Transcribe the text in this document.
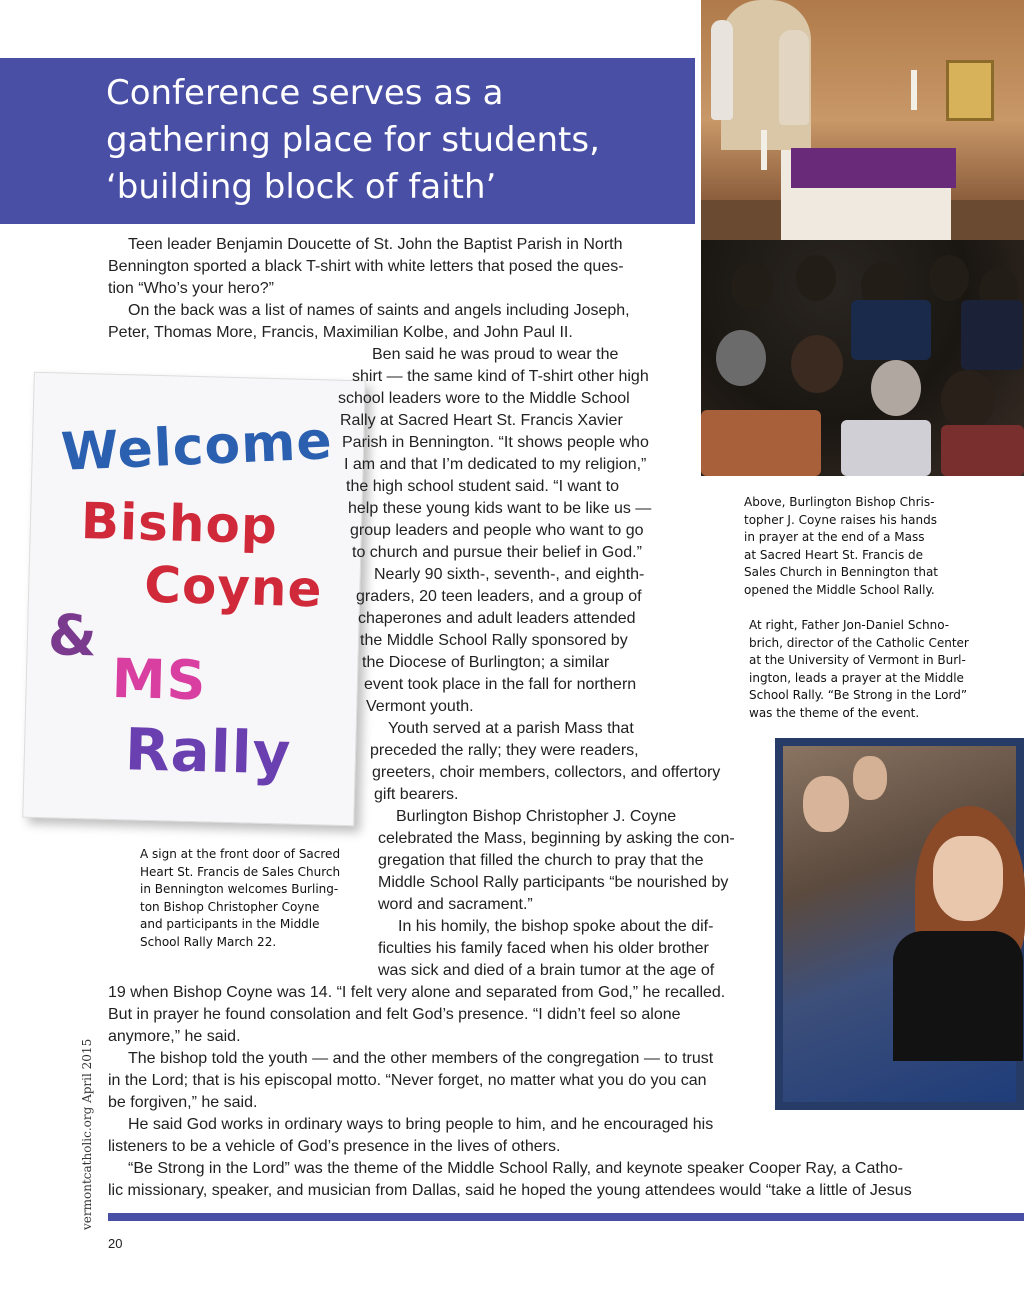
Conference serves as a
gathering place for students,
‘building block of faith’
Welcome
Bishop
Coyne
&
MS
Rally
(Photos by Cori Fugere Urban)
Teen leader Benjamin Doucette of St. John the Baptist Parish in North
Bennington sported a black T-shirt with white letters that posed the ques-
tion “Who’s your hero?”
On the back was a list of names of saints and angels including Joseph,
Peter, Thomas More, Francis, Maximilian Kolbe, and John Paul II.
Ben said he was proud to wear the
shirt — the same kind of T-shirt other high
school leaders wore to the Middle School
Rally at Sacred Heart St. Francis Xavier
Parish in Bennington. “It shows people who
I am and that I’m dedicated to my religion,”
the high school student said. “I want to
help these young kids want to be like us —
group leaders and people who want to go
to church and pursue their belief in God.”
Nearly 90 sixth-, seventh-, and eighth-
graders, 20 teen leaders, and a group of
chaperones and adult leaders attended
the Middle School Rally sponsored by
the Diocese of Burlington; a similar
event took place in the fall for northern
Vermont youth.
Youth served at a parish Mass that
preceded the rally; they were readers,
greeters, choir members, collectors, and offertory
gift bearers.
Burlington Bishop Christopher J. Coyne
celebrated the Mass, beginning by asking the con-
gregation that filled the church to pray that the
Middle School Rally participants “be nourished by
word and sacrament.”
In his homily, the bishop spoke about the dif-
ficulties his family faced when his older brother
was sick and died of a brain tumor at the age of
19 when Bishop Coyne was 14. “I felt very alone and separated from God,” he recalled.
But in prayer he found consolation and felt God’s presence. “I didn’t feel so alone
anymore,” he said.
The bishop told the youth — and the other members of the congregation — to trust
in the Lord; that is his episcopal motto. “Never forget, no matter what you do you can
be forgiven,” he said.
He said God works in ordinary ways to bring people to him, and he encouraged his
listeners to be a vehicle of God’s presence in the lives of others.
“Be Strong in the Lord” was the theme of the Middle School Rally, and keynote speaker Cooper Ray, a Catho-
lic missionary, speaker, and musician from Dallas, said he hoped the young attendees would “take a little of Jesus
Above, Burlington Bishop Chris-
topher J. Coyne raises his hands
in prayer at the end of a Mass
at Sacred Heart St. Francis de
Sales Church in Bennington that
opened the Middle School Rally.
At right, Father Jon-Daniel Schno-
brich, director of the Catholic Center
at the University of Vermont in Burl-
ington, leads a prayer at the Middle
School Rally. “Be Strong in the Lord”
was the theme of the event.
A sign at the front door of Sacred
Heart St. Francis de Sales Church
in Bennington welcomes Burling-
ton Bishop Christopher Coyne
and participants in the Middle
School Rally March 22.
vermontcatholic.org April 2015
20
